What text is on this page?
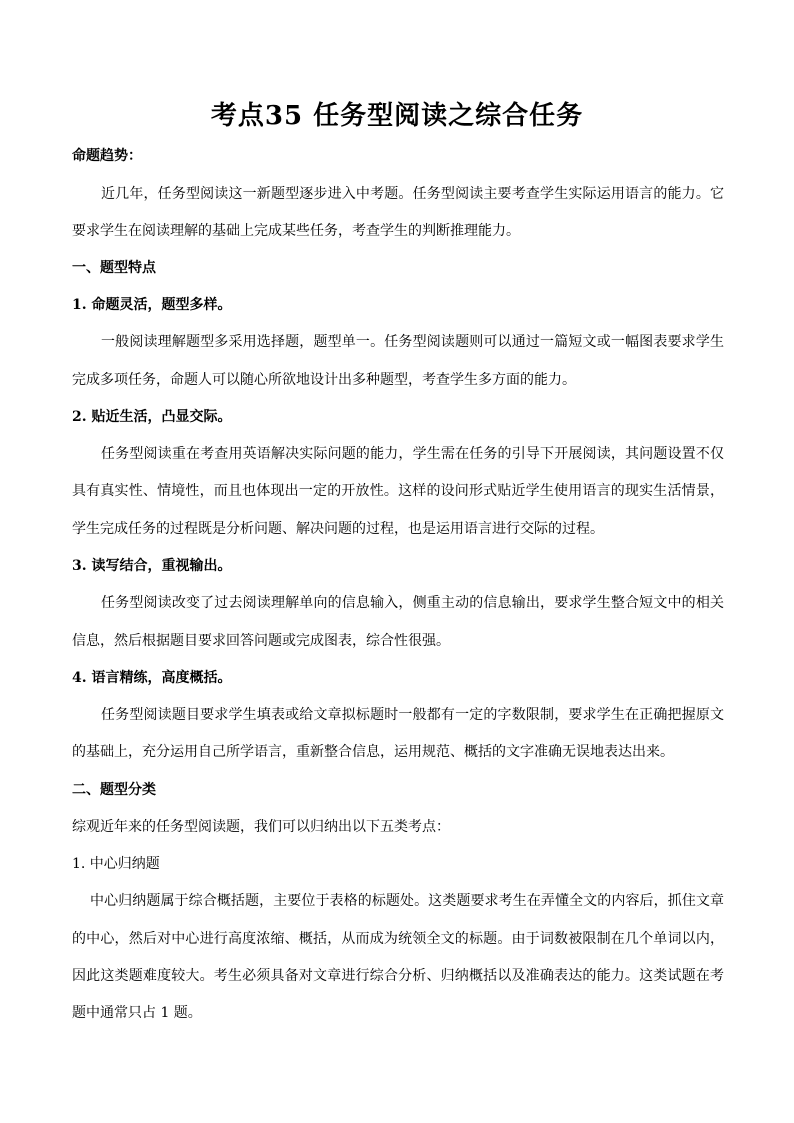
考点35 任务型阅读之综合任务

命题趋势：

近几年，任务型阅读这一新题型逐步进入中考题。任务型阅读主要考查学生实际运用语言的能力。它

要求学生在阅读理解的基础上完成某些任务，考查学生的判断推理能力。

一、题型特点

1. 命题灵活，题型多样。

一般阅读理解题型多采用选择题，题型单一。任务型阅读题则可以通过一篇短文或一幅图表要求学生

完成多项任务，命题人可以随心所欲地设计出多种题型，考查学生多方面的能力。

2. 贴近生活，凸显交际。

任务型阅读重在考查用英语解决实际问题的能力，学生需在任务的引导下开展阅读，其问题设置不仅

具有真实性、情境性，而且也体现出一定的开放性。这样的设问形式贴近学生使用语言的现实生活情景，

学生完成任务的过程既是分析问题、解决问题的过程，也是运用语言进行交际的过程。

3. 读写结合，重视输出。

任务型阅读改变了过去阅读理解单向的信息输入，侧重主动的信息输出，要求学生整合短文中的相关

信息，然后根据题目要求回答问题或完成图表，综合性很强。

4. 语言精练，高度概括。

任务型阅读题目要求学生填表或给文章拟标题时一般都有一定的字数限制，要求学生在正确把握原文

的基础上，充分运用自己所学语言，重新整合信息，运用规范、概括的文字准确无误地表达出来。

二、题型分类

综观近年来的任务型阅读题，我们可以归纳出以下五类考点：

1. 中心归纳题

中心归纳题属于综合概括题，主要位于表格的标题处。这类题要求考生在弄懂全文的内容后，抓住文章

的中心，然后对中心进行高度浓缩、概括，从而成为统领全文的标题。由于词数被限制在几个单词以内，

因此这类题难度较大。考生必须具备对文章进行综合分析、归纳概括以及准确表达的能力。这类试题在考

题中通常只占 1 题。
